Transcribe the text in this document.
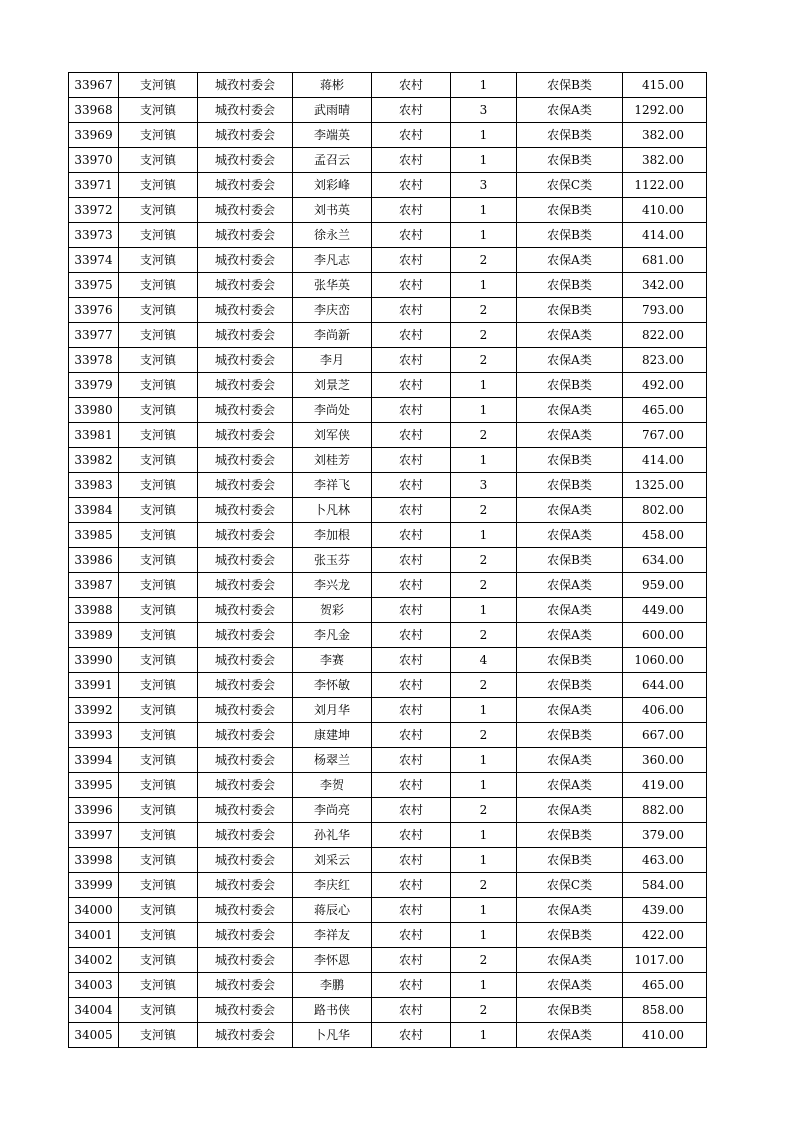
33967	支河镇	城孜村委会	蒋彬	农村	1	农保B类	415.00
33968	支河镇	城孜村委会	武雨晴	农村	3	农保A类	1292.00
33969	支河镇	城孜村委会	李端英	农村	1	农保B类	382.00
33970	支河镇	城孜村委会	孟召云	农村	1	农保B类	382.00
33971	支河镇	城孜村委会	刘彩峰	农村	3	农保C类	1122.00
33972	支河镇	城孜村委会	刘书英	农村	1	农保B类	410.00
33973	支河镇	城孜村委会	徐永兰	农村	1	农保B类	414.00
33974	支河镇	城孜村委会	李凡志	农村	2	农保A类	681.00
33975	支河镇	城孜村委会	张华英	农村	1	农保B类	342.00
33976	支河镇	城孜村委会	李庆峦	农村	2	农保B类	793.00
33977	支河镇	城孜村委会	李尚新	农村	2	农保A类	822.00
33978	支河镇	城孜村委会	李月	农村	2	农保A类	823.00
33979	支河镇	城孜村委会	刘景芝	农村	1	农保B类	492.00
33980	支河镇	城孜村委会	李尚处	农村	1	农保A类	465.00
33981	支河镇	城孜村委会	刘军侠	农村	2	农保A类	767.00
33982	支河镇	城孜村委会	刘桂芳	农村	1	农保B类	414.00
33983	支河镇	城孜村委会	李祥飞	农村	3	农保B类	1325.00
33984	支河镇	城孜村委会	卜凡林	农村	2	农保A类	802.00
33985	支河镇	城孜村委会	李加根	农村	1	农保A类	458.00
33986	支河镇	城孜村委会	张玉芬	农村	2	农保B类	634.00
33987	支河镇	城孜村委会	李兴龙	农村	2	农保A类	959.00
33988	支河镇	城孜村委会	贺彩	农村	1	农保A类	449.00
33989	支河镇	城孜村委会	李凡金	农村	2	农保A类	600.00
33990	支河镇	城孜村委会	李赛	农村	4	农保B类	1060.00
33991	支河镇	城孜村委会	李怀敏	农村	2	农保B类	644.00
33992	支河镇	城孜村委会	刘月华	农村	1	农保A类	406.00
33993	支河镇	城孜村委会	康建坤	农村	2	农保B类	667.00
33994	支河镇	城孜村委会	杨翠兰	农村	1	农保A类	360.00
33995	支河镇	城孜村委会	李贺	农村	1	农保A类	419.00
33996	支河镇	城孜村委会	李尚亮	农村	2	农保A类	882.00
33997	支河镇	城孜村委会	孙礼华	农村	1	农保B类	379.00
33998	支河镇	城孜村委会	刘采云	农村	1	农保B类	463.00
33999	支河镇	城孜村委会	李庆红	农村	2	农保C类	584.00
34000	支河镇	城孜村委会	蒋辰心	农村	1	农保A类	439.00
34001	支河镇	城孜村委会	李祥友	农村	1	农保B类	422.00
34002	支河镇	城孜村委会	李怀恩	农村	2	农保A类	1017.00
34003	支河镇	城孜村委会	李鹏	农村	1	农保A类	465.00
34004	支河镇	城孜村委会	路书侠	农村	2	农保B类	858.00
34005	支河镇	城孜村委会	卜凡华	农村	1	农保A类	410.00
